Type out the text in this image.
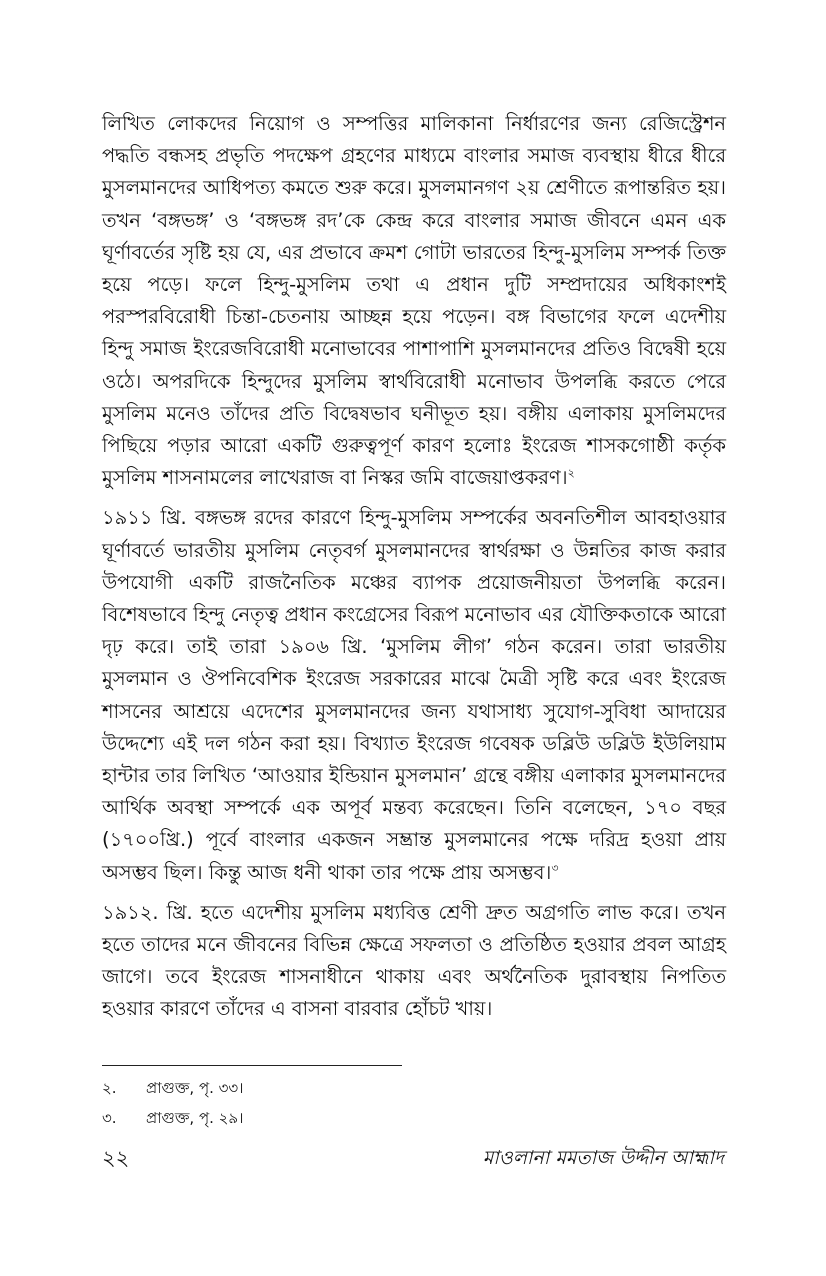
লিখিত লোকদের নিয়োগ ও সম্পত্তির মালিকানা নির্ধারণের জন্য রেজিস্ট্রেশন পদ্ধতি বন্ধসহ প্রভৃতি পদক্ষেপ গ্রহণের মাধ্যমে বাংলার সমাজ ব্যবস্থায় ধীরে ধীরে মুসলমানদের আধিপত্য কমতে শুরু করে। মুসলমানগণ ২য় শ্রেণীতে রূপান্তরিত হয়। তখন ‘বঙ্গভঙ্গ’ ও ‘বঙ্গভঙ্গ রদ’কে কেন্দ্র করে বাংলার সমাজ জীবনে এমন এক ঘূর্ণাবর্তের সৃষ্টি হয় যে, এর প্রভাবে ক্রমশ গোটা ভারতের হিন্দু-মুসলিম সম্পর্ক তিক্ত হয়ে পড়ে। ফলে হিন্দু-মুসলিম তথা এ প্রধান দুটি সম্প্রদায়ের অধিকাংশই পরস্পরবিরোধী চিন্তা-চেতনায় আচ্ছন্ন হয়ে পড়েন। বঙ্গ বিভাগের ফলে এদেশীয় হিন্দু সমাজ ইংরেজবিরোধী মনোভাবের পাশাপাশি মুসলমানদের প্রতিও বিদ্বেষী হয়ে ওঠে। অপরদিকে হিন্দুদের মুসলিম স্বার্থবিরোধী মনোভাব উপলব্ধি করতে পেরে মুসলিম মনেও তাঁদের প্রতি বিদ্বেষভাব ঘনীভূত হয়। বঙ্গীয় এলাকায় মুসলিমদের পিছিয়ে পড়ার আরো একটি গুরুত্বপূর্ণ কারণ হলোঃ ইংরেজ শাসকগোষ্ঠী কর্তৃক মুসলিম শাসনামলের লাখেরাজ বা নিস্কর জমি বাজেয়াপ্তকরণ।$^২$

১৯১১ খ্রি. বঙ্গভঙ্গ রদের কারণে হিন্দু-মুসলিম সম্পর্কের অবনতিশীল আবহাওয়ার ঘূর্ণাবর্তে ভারতীয় মুসলিম নেতৃবর্গ মুসলমানদের স্বার্থরক্ষা ও উন্নতির কাজ করার উপযোগী একটি রাজনৈতিক মঞ্চের ব্যাপক প্রয়োজনীয়তা উপলব্ধি করেন। বিশেষভাবে হিন্দু নেতৃত্ব প্রধান কংগ্রেসের বিরূপ মনোভাব এর যৌক্তিকতাকে আরো দৃঢ় করে। তাই তারা ১৯০৬ খ্রি. ‘মুসলিম লীগ’ গঠন করেন। তারা ভারতীয় মুসলমান ও ঔপনিবেশিক ইংরেজ সরকারের মাঝে মৈত্রী সৃষ্টি করে এবং ইংরেজ শাসনের আশ্রয়ে এদেশের মুসলমানদের জন্য যথাসাধ্য সুযোগ-সুবিধা আদায়ের উদ্দেশ্যে এই দল গঠন করা হয়। বিখ্যাত ইংরেজ গবেষক ডব্লিউ ডব্লিউ ইউলিয়াম হান্টার তার লিখিত ‘আওয়ার ইন্ডিয়ান মুসলমান’ গ্রন্থে বঙ্গীয় এলাকার মুসলমানদের আর্থিক অবস্থা সম্পর্কে এক অপূর্ব মন্তব্য করেছেন। তিনি বলেছেন, ১৭০ বছর (১৭০০খ্রি.) পূর্বে বাংলার একজন সম্ভ্রান্ত মুসলমানের পক্ষে দরিদ্র হওয়া প্রায় অসম্ভব ছিল। কিন্তু আজ ধনী থাকা তার পক্ষে প্রায় অসম্ভব।$^৩$

১৯১২. খ্রি. হতে এদেশীয় মুসলিম মধ্যবিত্ত শ্রেণী দ্রুত অগ্রগতি লাভ করে। তখন হতে তাদের মনে জীবনের বিভিন্ন ক্ষেত্রে সফলতা ও প্রতিষ্ঠিত হওয়ার প্রবল আগ্রহ জাগে। তবে ইংরেজ শাসনাধীনে থাকায় এবং অর্থনৈতিক দুরাবস্থায় নিপতিত হওয়ার কারণে তাঁদের এ বাসনা বারবার হোঁচট খায়।

২. প্রাগুক্ত, পৃ. ৩৩।
৩. প্রাগুক্ত, পৃ. ২৯।
২২	মাওলানা মমতাজ উদ্দীন আহ্মাদ
